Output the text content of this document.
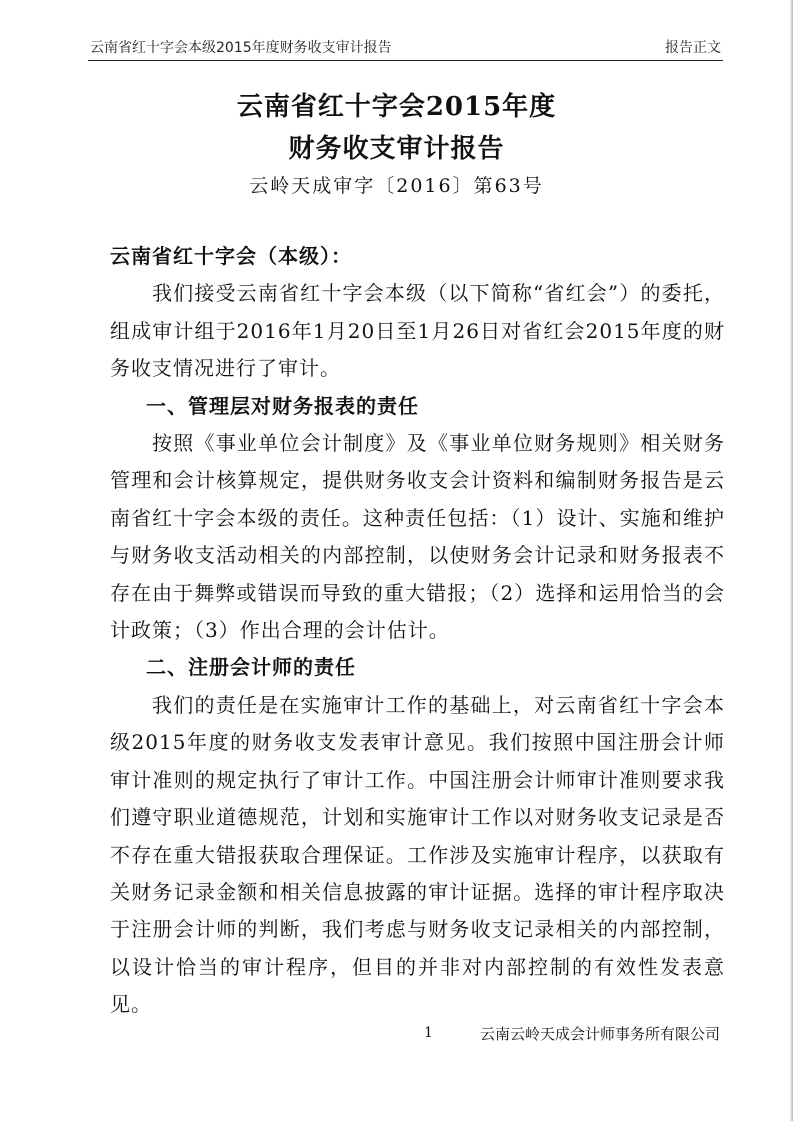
云南省红十字会本级2015年度财务收支审计报告	报告正文
云南省红十字会2015年度
财务收支审计报告
云岭天成审字〔2016〕第63号

云南省红十字会（本级）：

我们接受云南省红十字会本级（以下简称“省红会”）的委托，组成审计组于2016年1月20日至1月26日对省红会2015年度的财务收支情况进行了审计。

一、管理层对财务报表的责任

按照《事业单位会计制度》及《事业单位财务规则》相关财务管理和会计核算规定，提供财务收支会计资料和编制财务报告是云南省红十字会本级的责任。这种责任包括：（1）设计、实施和维护与财务收支活动相关的内部控制，以使财务会计记录和财务报表不存在由于舞弊或错误而导致的重大错报；（2）选择和运用恰当的会计政策；（3）作出合理的会计估计。

二、注册会计师的责任

我们的责任是在实施审计工作的基础上，对云南省红十字会本级2015年度的财务收支发表审计意见。我们按照中国注册会计师审计准则的规定执行了审计工作。中国注册会计师审计准则要求我们遵守职业道德规范，计划和实施审计工作以对财务收支记录是否不存在重大错报获取合理保证。工作涉及实施审计程序，以获取有关财务记录金额和相关信息披露的审计证据。选择的审计程序取决于注册会计师的判断，我们考虑与财务收支记录相关的内部控制，以设计恰当的审计程序，但目的并非对内部控制的有效性发表意见。

1	云南云岭天成会计师事务所有限公司
